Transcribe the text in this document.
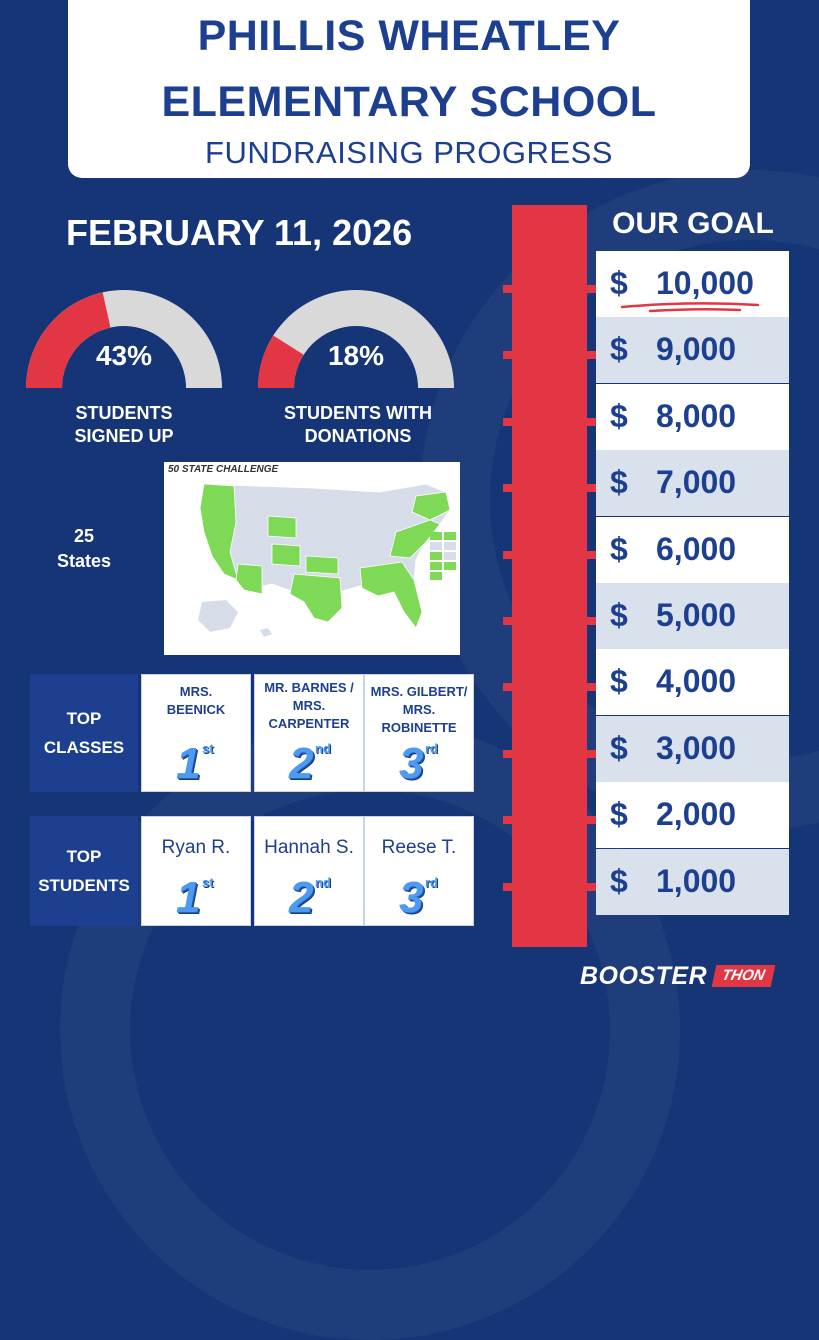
PHILLIS WHEATLEY
ELEMENTARY SCHOOL
FUNDRAISING PROGRESS
FEBRUARY 11, 2026
43%
STUDENTS
SIGNED UP
18%
STUDENTS WITH
DONATIONS
25
States
50 STATE CHALLENGE
TOP
CLASSES
MRS.
BEENICK
1 st
MR. BARNES /
MRS.
CARPENTER
2 nd
MRS. GILBERT/
MRS.
ROBINETTE
3 rd
TOP
STUDENTS
Ryan R.
1 st
Hannah S.
2 nd
Reese T.
3 rd
OUR GOAL
$ 10,000
$ 9,000
$ 8,000
$ 7,000
$ 6,000
$ 5,000
$ 4,000
$ 3,000
$ 2,000
$ 1,000
BOOSTER THON
